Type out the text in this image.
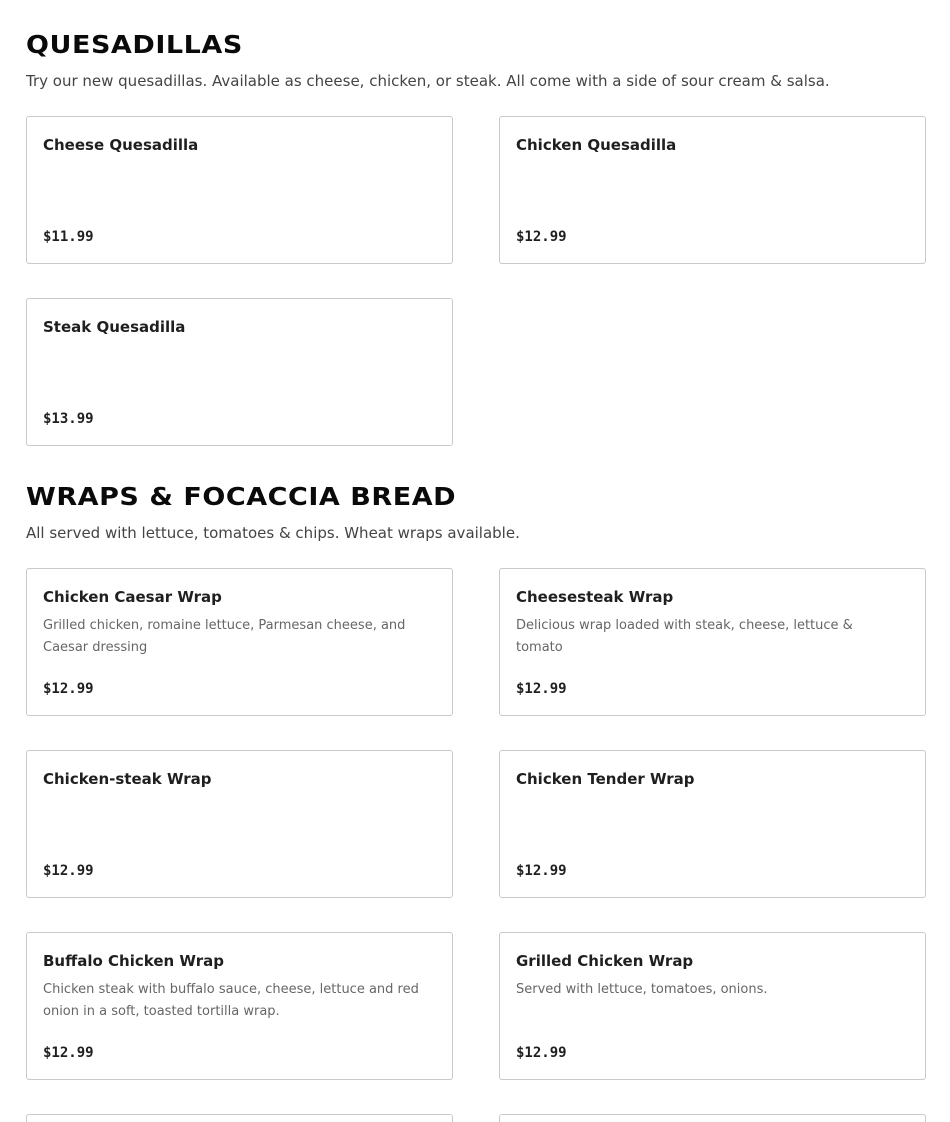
QUESADILLAS

Try our new quesadillas. Available as cheese, chicken, or steak. All come with a side of sour cream & salsa.

Cheese Quesadilla
$11.99
Chicken Quesadilla
$12.99
Steak Quesadilla
$13.99
WRAPS & FOCACCIA BREAD

All served with lettuce, tomatoes & chips. Wheat wraps available.

Chicken Caesar Wrap
Grilled chicken, romaine lettuce, Parmesan cheese, and Caesar dressing
$12.99
Cheesesteak Wrap
Delicious wrap loaded with steak, cheese, lettuce & tomato
$12.99
Chicken-steak Wrap
$12.99
Chicken Tender Wrap
$12.99
Buffalo Chicken Wrap
Chicken steak with buffalo sauce, cheese, lettuce and red onion in a soft, toasted tortilla wrap.
$12.99
Grilled Chicken Wrap
Served with lettuce, tomatoes, onions.
$12.99
